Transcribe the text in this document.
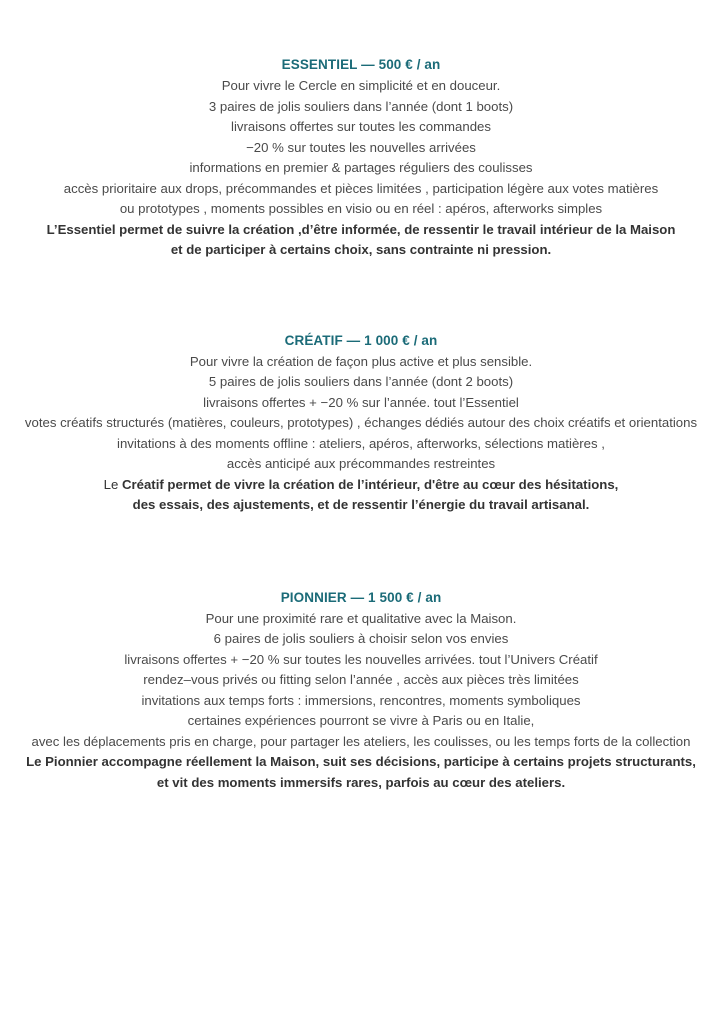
ESSENTIEL — 500 € / an

Pour vivre le Cercle en simplicité et en douceur.

3 paires de jolis souliers dans l’année (dont 1 boots)

livraisons offertes sur toutes les commandes

−20 % sur toutes les nouvelles arrivées

informations en premier & partages réguliers des coulisses

accès prioritaire aux drops, précommandes et pièces limitées , participation légère aux votes matières

ou prototypes , moments possibles en visio ou en réel : apéros, afterworks simples

L’Essentiel permet de suivre la création ,d’être informée, de ressentir le travail intérieur de la Maison

et de participer à certains choix, sans contrainte ni pression.

CRÉATIF — 1 000 € / an

Pour vivre la création de façon plus active et plus sensible.

5 paires de jolis souliers dans l’année (dont 2 boots)

livraisons offertes + −20 % sur l’année. tout l’Essentiel

votes créatifs structurés (matières, couleurs, prototypes) , échanges dédiés autour des choix créatifs et orientations

invitations à des moments offline : ateliers, apéros, afterworks, sélections matières ,

accès anticipé aux précommandes restreintes

Le Créatif permet de vivre la création de l’intérieur, d'être au cœur des hésitations,

des essais, des ajustements, et de ressentir l’énergie du travail artisanal.

PIONNIER — 1 500 € / an

Pour une proximité rare et qualitative avec la Maison.

6 paires de jolis souliers à choisir selon vos envies

livraisons offertes + −20 % sur toutes les nouvelles arrivées. tout l’Univers Créatif

rendez–vous privés ou fitting selon l’année , accès aux pièces très limitées

invitations aux temps forts : immersions, rencontres, moments symboliques

certaines expériences pourront se vivre à Paris ou en Italie,

avec les déplacements pris en charge, pour partager les ateliers, les coulisses, ou les temps forts de la collection

Le Pionnier accompagne réellement la Maison, suit ses décisions, participe à certains projets structurants,

et vit des moments immersifs rares, parfois au cœur des ateliers.
